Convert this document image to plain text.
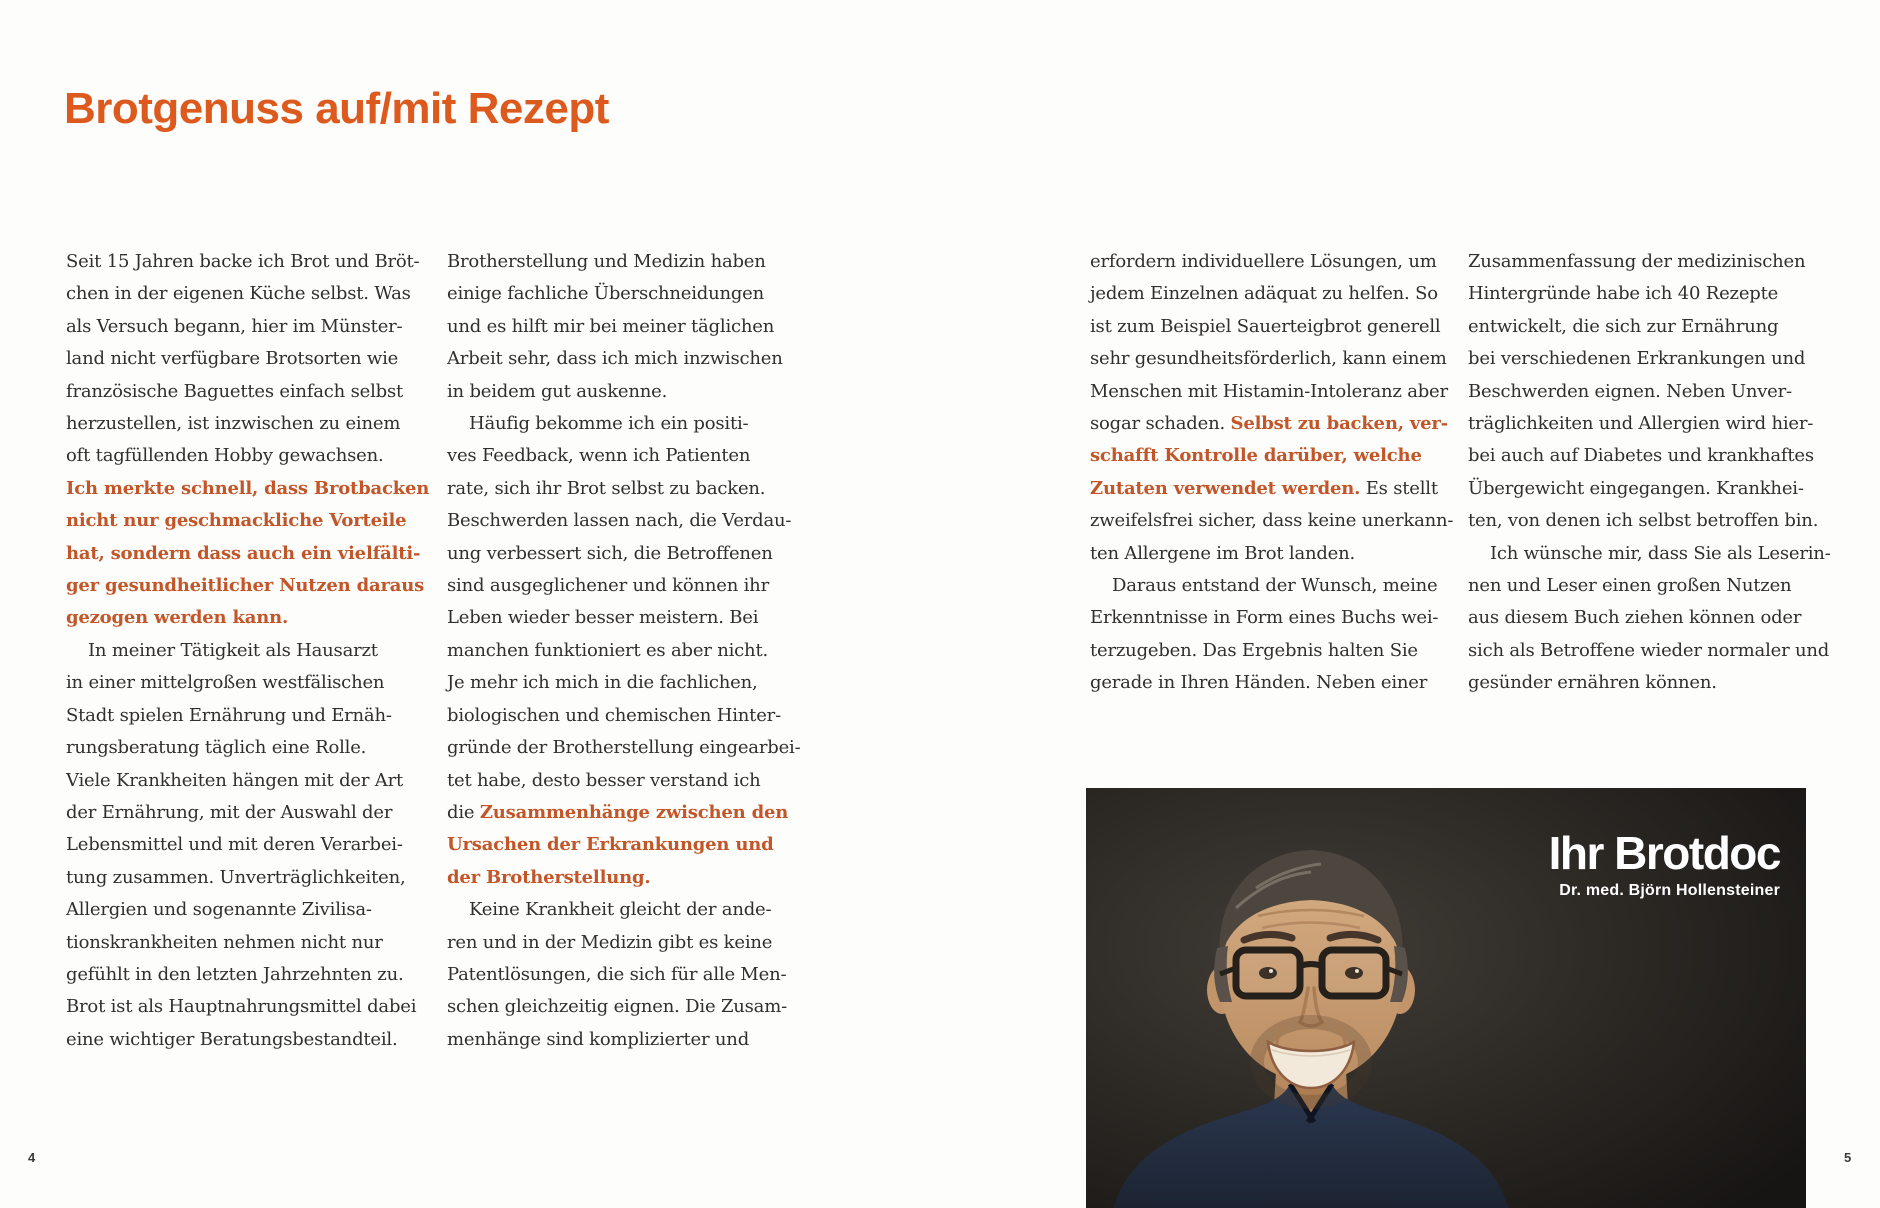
Brotgenuss auf/mit Rezept
Seit 15 Jahren backe ich Brot und Bröt-
chen in der eigenen Küche selbst. Was
als Versuch begann, hier im Münster-
land nicht verfügbare Brotsorten wie
französische Baguettes einfach selbst
herzustellen, ist inzwischen zu einem
oft tagfüllenden Hobby gewachsen.
Ich merkte schnell, dass Brotbacken
nicht nur geschmackliche Vorteile
hat, sondern dass auch ein vielfälti-
ger gesundheitlicher Nutzen daraus
gezogen werden kann.
In meiner Tätigkeit als Hausarzt
in einer mittelgroßen westfälischen
Stadt spielen Ernährung und Ernäh-
rungsberatung täglich eine Rolle.
Viele Krankheiten hängen mit der Art
der Ernährung, mit der Auswahl der
Lebensmittel und mit deren Verarbei-
tung zusammen. Unverträglichkeiten,
Allergien und sogenannte Zivilisa-
tionskrankheiten nehmen nicht nur
gefühlt in den letzten Jahrzehnten zu.
Brot ist als Hauptnahrungsmittel dabei
eine wichtiger Beratungsbestandteil.
Brotherstellung und Medizin haben
einige fachliche Überschneidungen
und es hilft mir bei meiner täglichen
Arbeit sehr, dass ich mich inzwischen
in beidem gut auskenne.
Häufig bekomme ich ein positi-
ves Feedback, wenn ich Patienten
rate, sich ihr Brot selbst zu backen.
Beschwerden lassen nach, die Verdau-
ung verbessert sich, die Betroffenen
sind ausgeglichener und können ihr
Leben wieder besser meistern. Bei
manchen funktioniert es aber nicht.
Je mehr ich mich in die fachlichen,
biologischen und chemischen Hinter-
gründe der Brotherstellung eingearbei-
tet habe, desto besser verstand ich
die Zusammenhänge zwischen den
Ursachen der Erkrankungen und
der Brotherstellung.
Keine Krankheit gleicht der ande-
ren und in der Medizin gibt es keine
Patentlösungen, die sich für alle Men-
schen gleichzeitig eignen. Die Zusam-
menhänge sind komplizierter und
erfordern individuellere Lösungen, um
jedem Einzelnen adäquat zu helfen. So
ist zum Beispiel Sauerteigbrot generell
sehr gesundheitsförderlich, kann einem
Menschen mit Histamin-Intoleranz aber
sogar schaden. Selbst zu backen, ver-
schafft Kontrolle darüber, welche
Zutaten verwendet werden. Es stellt
zweifelsfrei sicher, dass keine unerkann-
ten Allergene im Brot landen.
Daraus entstand der Wunsch, meine
Erkenntnisse in Form eines Buchs wei-
terzugeben. Das Ergebnis halten Sie
gerade in Ihren Händen. Neben einer
Zusammenfassung der medizinischen
Hintergründe habe ich 40 Rezepte
entwickelt, die sich zur Ernährung
bei verschiedenen Erkrankungen und
Beschwerden eignen. Neben Unver-
träglichkeiten und Allergien wird hier-
bei auch auf Diabetes und krankhaftes
Übergewicht eingegangen. Krankhei-
ten, von denen ich selbst betroffen bin.
Ich wünsche mir, dass Sie als Leserin-
nen und Leser einen großen Nutzen
aus diesem Buch ziehen können oder
sich als Betroffene wieder normaler und
gesünder ernähren können.
Ihr Brotdoc
Dr. med. Björn Hollensteiner
4	5
